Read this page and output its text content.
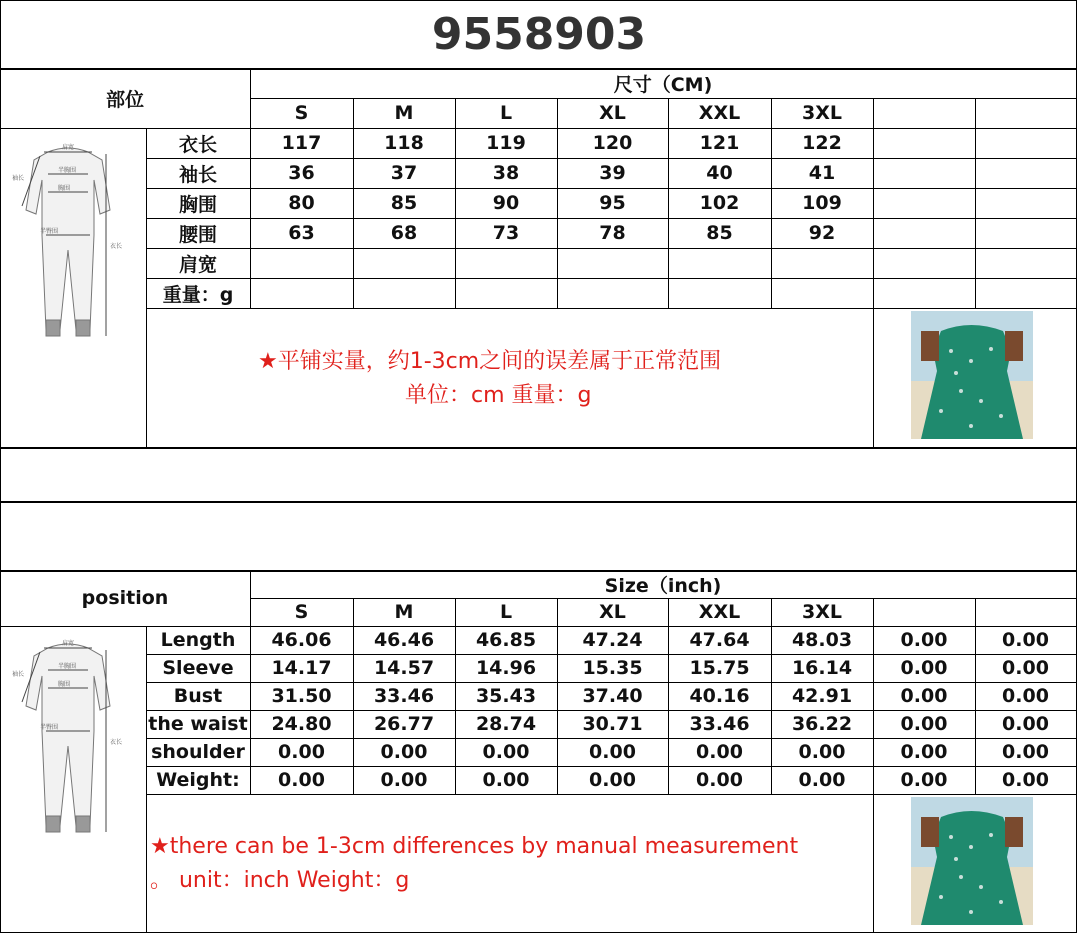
9558903
部位
尺寸（CM)
S	M	L	XL	XXL	3XL
衣长	117	118	119	120	121	122
袖长	36	37	38	39	40	41
胸围	80	85	90	95	102	109
腰围	63	68	73	78	85	92
肩宽
重量：g
★平铺实量，约1-3cm之间的误差属于正常范围
单位：cm 重量：g
position
Size（inch)
S	M	L	XL	XXL	3XL
Length	46.06	46.46	46.85	47.24	47.64	48.03	0.00	0.00
Sleeve	14.17	14.57	14.96	15.35	15.75	16.14	0.00	0.00
Bust	31.50	33.46	35.43	37.40	40.16	42.91	0.00	0.00
the waist	24.80	26.77	28.74	30.71	33.46	36.22	0.00	0.00
shoulder	0.00	0.00	0.00	0.00	0.00	0.00	0.00	0.00
Weight:	0.00	0.00	0.00	0.00	0.00	0.00	0.00	0.00
★there can be 1-3cm differences by manual measurement
。 unit：inch Weight：g
肩宽
半胸围
胸围
半臀围
袖长
衣长
肩宽
半胸围
胸围
半臀围
袖长
衣长
